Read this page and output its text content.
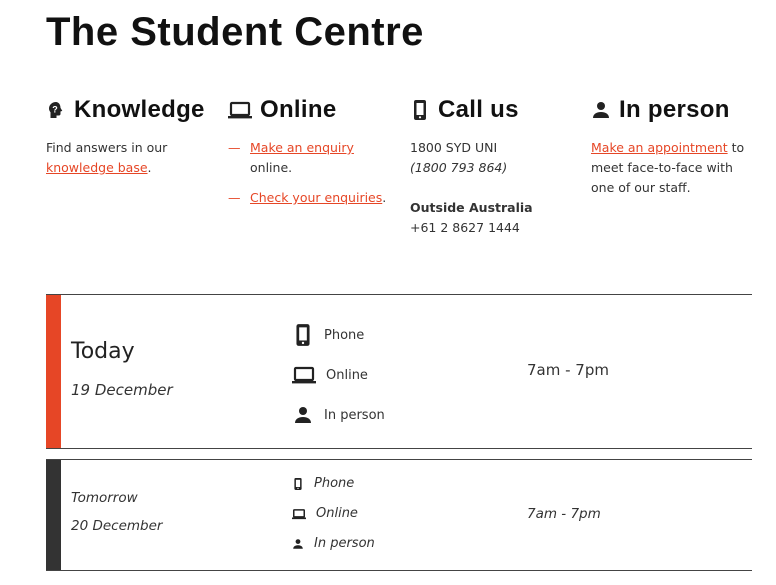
The Student Centre
? Knowledge

Find answers in our knowledge base.

Online
— Make an enquiry online.
— Check your enquiries.
Call us

1800 SYD UNI

(1800 793 864)

Outside Australia

+61 2 8627 1444

In person

Make an appointment to meet face-to-face with one of our staff.

Today
19 December
Phone
Online
In person
7am - 7pm
Tomorrow
20 December
Phone
Online
In person
7am - 7pm
